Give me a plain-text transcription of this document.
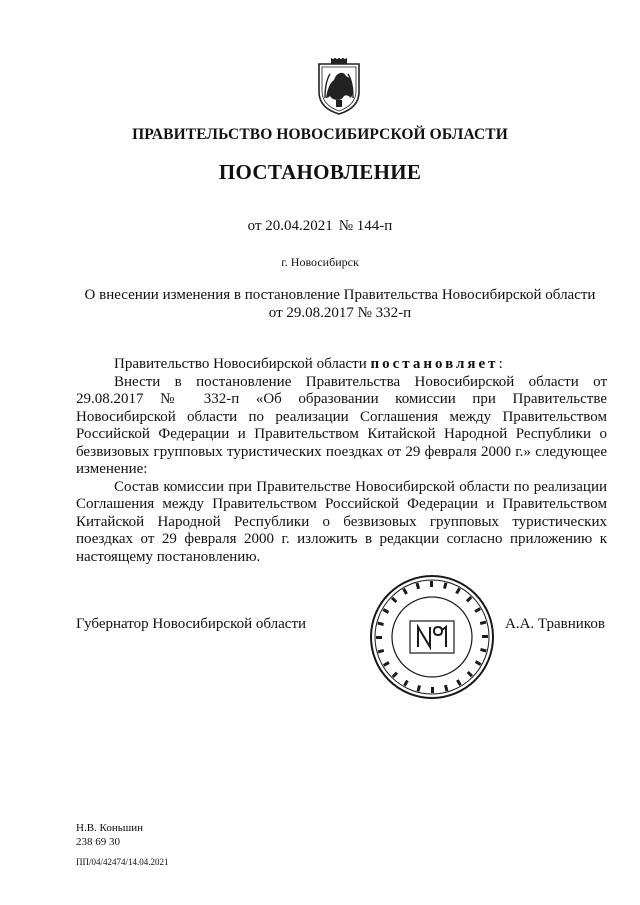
ПРАВИТЕЛЬСТВО НОВОСИБИРСКОЙ ОБЛАСТИ
ПОСТАНОВЛЕНИЕ
от 20.04.2021 № 144-п
г. Новосибирск
О внесении изменения в постановление Правительства Новосибирской области
от 29.08.2017 № 332-п

Правительство Новосибирской области постановляет:

Внести в постановление Правительства Новосибирской области от 29.08.2017 № 332-п «Об образовании комиссии при Правительстве Новосибирской области по реализации Соглашения между Правительством Российской Федерации и Правительством Китайской Народной Республики о безвизовых групповых туристических поездках от 29 февраля 2000 г.» следующее изменение:

Состав комиссии при Правительстве Новосибирской области по реализации Соглашения между Правительством Российской Федерации и Правительством Китайской Народной Республики о безвизовых групповых туристических поездках от 29 февраля 2000 г. изложить в редакции согласно приложению к настоящему постановлению.

Губернатор Новосибирской области	А.А. Травников
Н.В. Коньшин
238 69 30
ПП/04/42474/14.04.2021
